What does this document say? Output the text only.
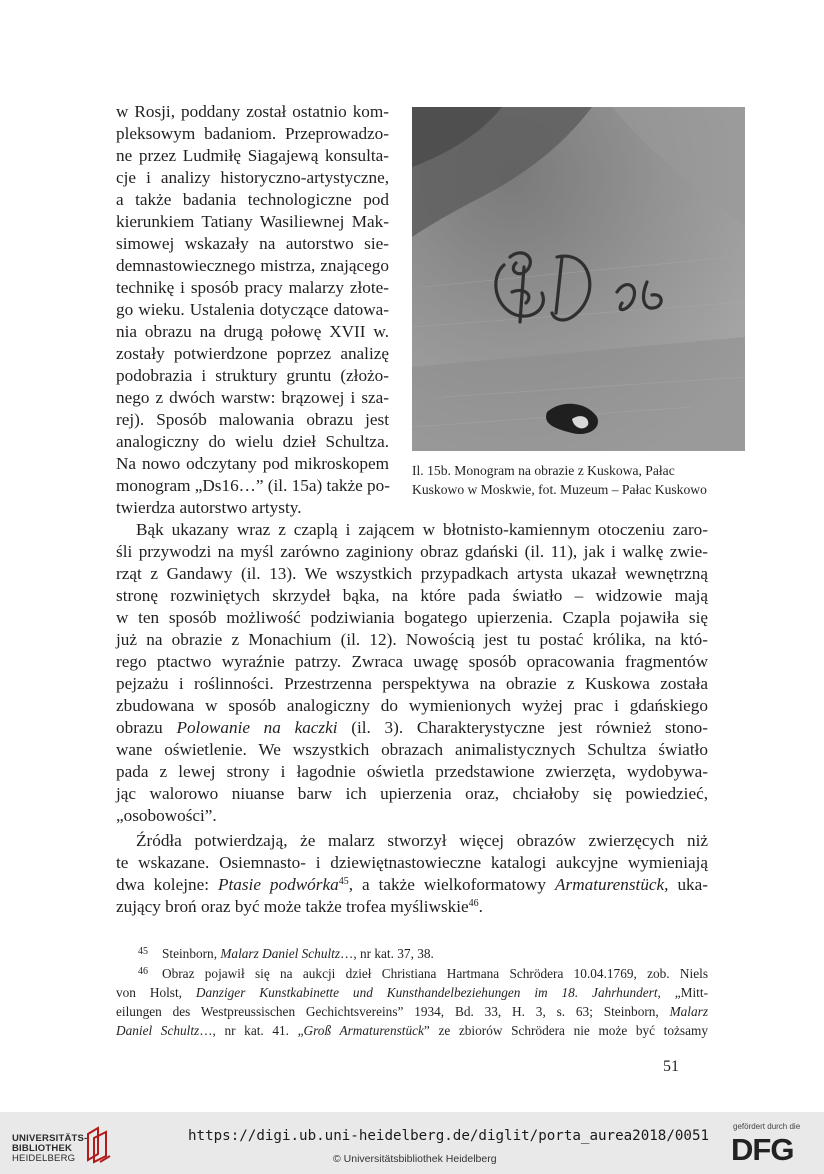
Il. 15b. Monogram na obrazie z Kuskowa, Pałac
Kuskowo w Moskwie, fot. Muzeum – Pałac Kuskowo
w Rosji, poddany został ostatnio kom-
pleksowym badaniom. Przeprowadzo-
ne przez Ludmiłę Siagajewą konsulta-
cje i analizy historyczno-artystyczne,
a także badania technologiczne pod
kierunkiem Tatiany Wasiliewnej Mak-
simowej wskazały na autorstwo sie-
demnastowiecznego mistrza, znającego
technikę i sposób pracy malarzy złote-
go wieku. Ustalenia dotyczące datowa-
nia obrazu na drugą połowę XVII w.
zostały potwierdzone poprzez analizę
podobrazia i struktury gruntu (złożo-
nego z dwóch warstw: brązowej i sza-
rej). Sposób malowania obrazu jest
analogiczny do wielu dzieł Schultza.
Na nowo odczytany pod mikroskopem
monogram „Ds16…” (il. 15a) także po-
twierdza autorstwo artysty.
Bąk ukazany wraz z czaplą i zającem w błotnisto-kamiennym otoczeniu zaro-
śli przywodzi na myśl zarówno zaginiony obraz gdański (il. 11), jak i walkę zwie-
rząt z Gandawy (il. 13). We wszystkich przypadkach artysta ukazał wewnętrzną
stronę rozwiniętych skrzydeł bąka, na które pada światło – widzowie mają
w ten sposób możliwość podziwiania bogatego upierzenia. Czapla pojawiła się
już na obrazie z Monachium (il. 12). Nowością jest tu postać królika, na któ-
rego ptactwo wyraźnie patrzy. Zwraca uwagę sposób opracowania fragmentów
pejzażu i roślinności. Przestrzenna perspektywa na obrazie z Kuskowa została
zbudowana w sposób analogiczny do wymienionych wyżej prac i gdańskiego
obrazu Polowanie na kaczki (il. 3). Charakterystyczne jest również stono-
wane oświetlenie. We wszystkich obrazach animalistycznych Schultza światło
pada z lewej strony i łagodnie oświetla przedstawione zwierzęta, wydobywa-
jąc walorowo niuanse barw ich upierzenia oraz, chciałoby się powiedzieć,
„osobowości”.
Źródła potwierdzają, że malarz stworzył więcej obrazów zwierzęcych niż
te wskazane. Osiemnasto- i dziewiętnastowieczne katalogi aukcyjne wymieniają
dwa kolejne: Ptasie podwórka$^{45}$, a także wielkoformatowy Armaturenstück, uka-
zujący broń oraz być może także trofea myśliwskie$^{46}$.
45 Steinborn, Malarz Daniel Schultz…, nr kat. 37, 38.
46 Obraz pojawił się na aukcji dzieł Christiana Hartmana Schrödera 10.04.1769, zob. Niels
von Holst, Danziger Kunstkabinette und Kunsthandelbeziehungen im 18. Jahrhundert, „Mitt-
eilungen des Westpreussischen Gechichtsvereins” 1934, Bd. 33, H. 3, s. 63; Steinborn, Malarz
Daniel Schultz…, nr kat. 41. „Groß Armaturenstück” ze zbiorów Schrödera nie może być tożsamy
51
UNIVERSITÄTS-
BIBLIOTHEK
HEIDELBERG
https://digi.ub.uni-heidelberg.de/diglit/porta_aurea2018/0051
© Universitätsbibliothek Heidelberg
gefördert durch die
DFG
